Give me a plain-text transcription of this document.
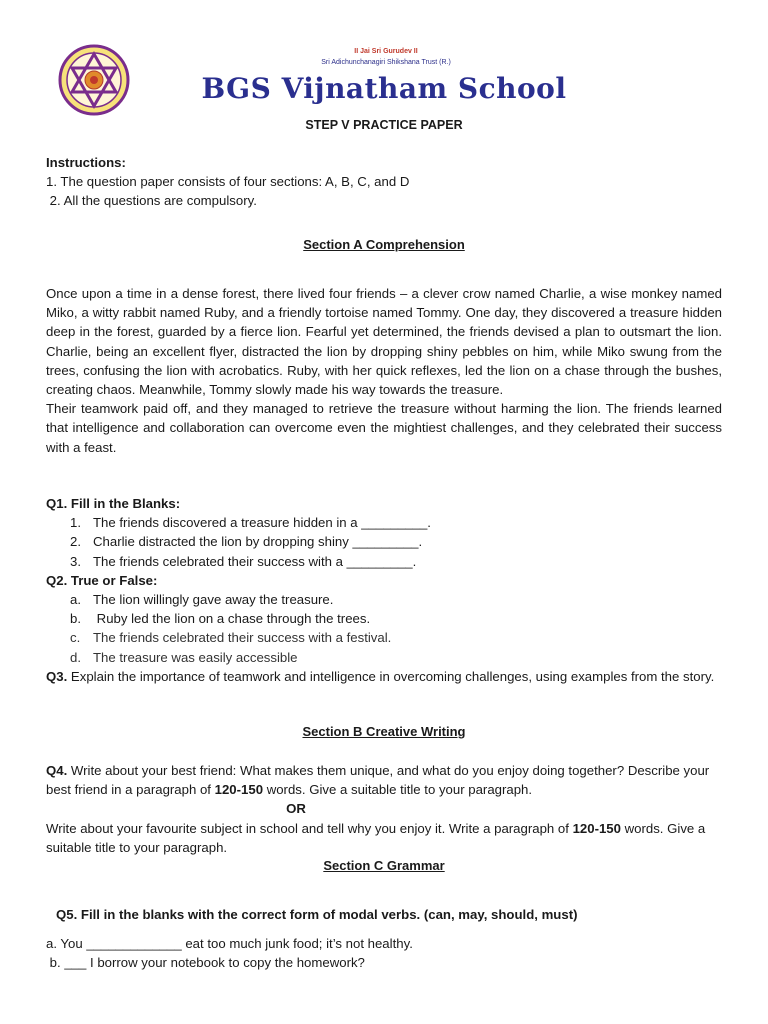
II Jai Sri Gurudev II
Sri Adichunchanagiri Shikshana Trust (R.)
BGS Vijnatham School
STEP V PRACTICE PAPER
Instructions:
1. The question paper consists of four sections: A, B, C, and D
2. All the questions are compulsory.
Section A Comprehension

Once upon a time in a dense forest, there lived four friends – a clever crow named Charlie, a wise monkey named Miko, a witty rabbit named Ruby, and a friendly tortoise named Tommy. One day, they discovered a treasure hidden deep in the forest, guarded by a fierce lion. Fearful yet determined, the friends devised a plan to outsmart the lion. Charlie, being an excellent flyer, distracted the lion by dropping shiny pebbles on him, while Miko swung from the trees, confusing the lion with acrobatics. Ruby, with her quick reflexes, led the lion on a chase through the bushes, creating chaos. Meanwhile, Tommy slowly made his way towards the treasure.

Their teamwork paid off, and they managed to retrieve the treasure without harming the lion. The friends learned that intelligence and collaboration can overcome even the mightiest challenges, and they celebrated their success with a feast.

Q1. Fill in the Blanks:
1. The friends discovered a treasure hidden in a _________.
2. Charlie distracted the lion by dropping shiny _________.
3. The friends celebrated their success with a _________.
Q2. True or False:
a. The lion willingly gave away the treasure.
b. Ruby led the lion on a chase through the trees.
c. The friends celebrated their success with a festival.
d. The treasure was easily accessible
Q3. Explain the importance of teamwork and intelligence in overcoming challenges, using examples from the story.
Section B Creative Writing
Q4. Write about your best friend: What makes them unique, and what do you enjoy doing together? Describe your best friend in a paragraph of 120-150 words. Give a suitable title to your paragraph.
OR
Write about your favourite subject in school and tell why you enjoy it. Write a paragraph of 120-150 words. Give a suitable title to your paragraph.
Section C Grammar
Q5. Fill in the blanks with the correct form of modal verbs. (can, may, should, must)
a. You _____________ eat too much junk food; it’s not healthy.
b. ___ I borrow your notebook to copy the homework?
